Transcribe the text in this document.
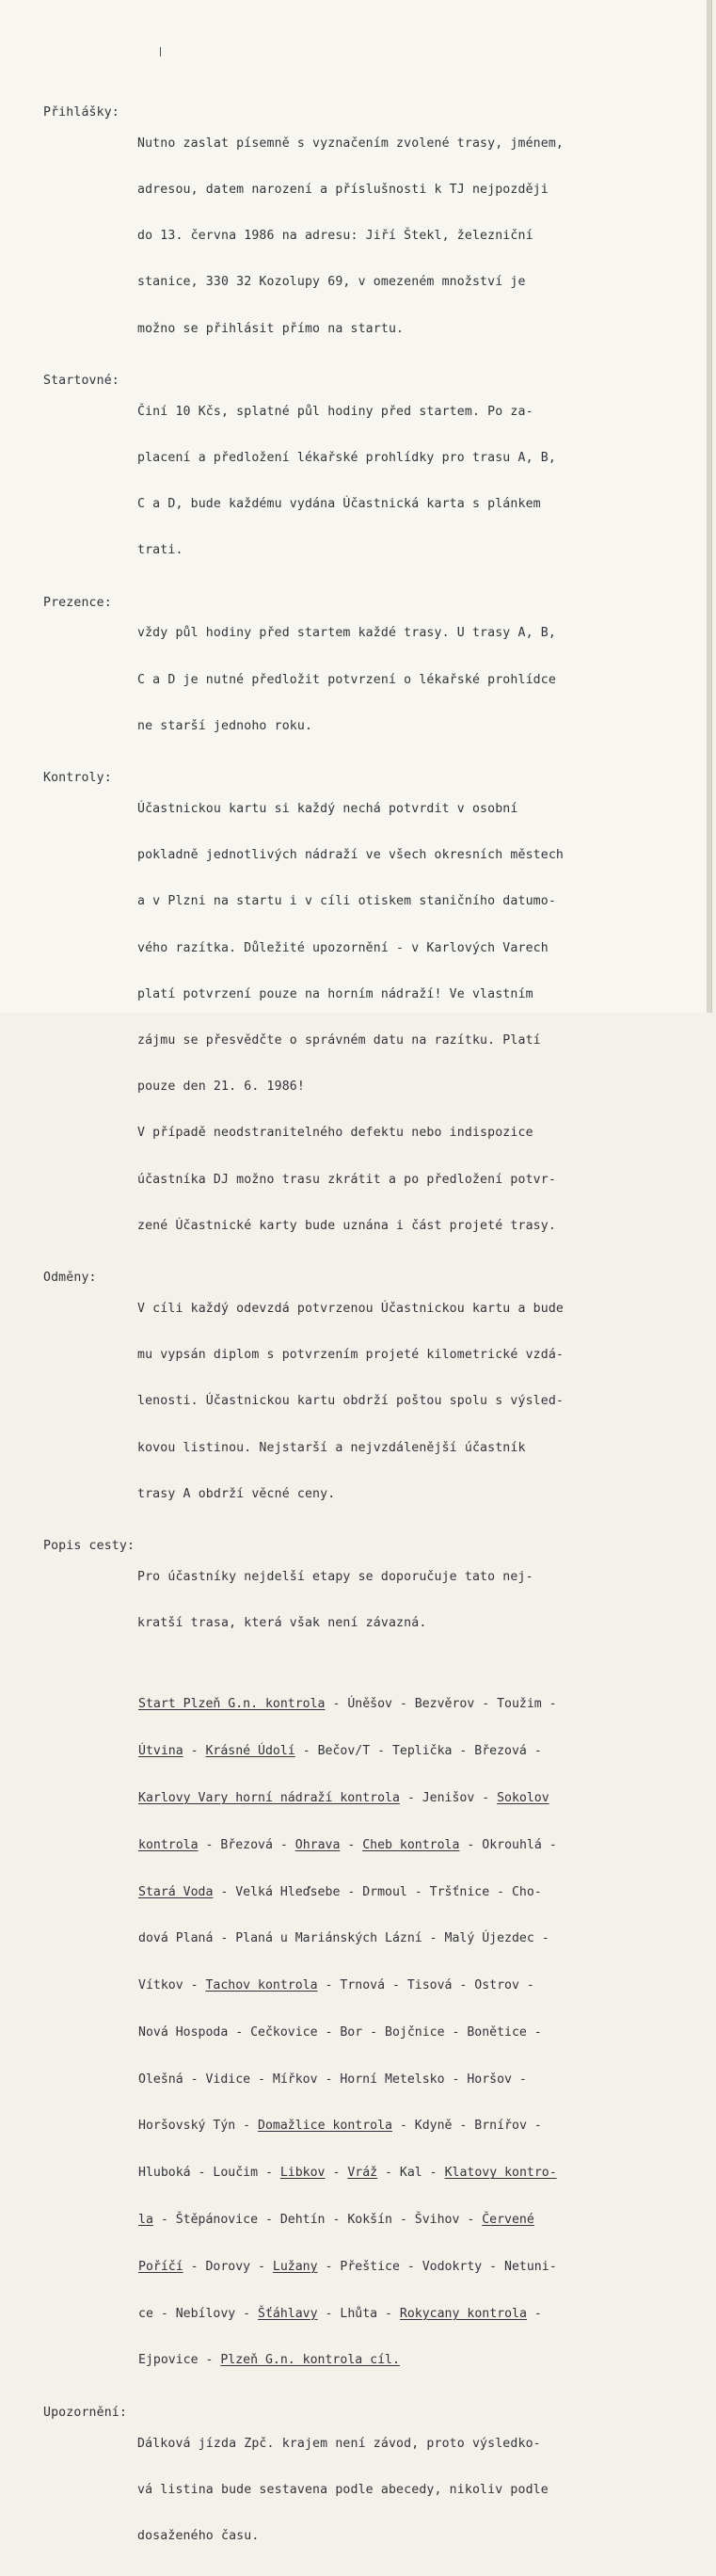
Přihlášky:

Nutno zaslat písemně s vyznačením zvolené trasy, jménem,

adresou, datem narození a příslušnosti k TJ nejpozději

do 13. června 1986 na adresu: Jiří Štekl, železniční

stanice, 330 32 Kozolupy 69, v omezeném množství je

možno se přihlásit přímo na startu.

Startovné:

Činí 10 Kčs, splatné půl hodiny před startem. Po za-

placení a předložení lékařské prohlídky pro trasu A, B,

C a D, bude každému vydána Účastnická karta s plánkem

trati.

Prezence:

vždy půl hodiny před startem každé trasy. U trasy A, B,

C a D je nutné předložit potvrzení o lékařské prohlídce

ne starší jednoho roku.

Kontroly:

Účastnickou kartu si každý nechá potvrdit v osobní

pokladně jednotlivých nádraží ve všech okresních městech

a v Plzni na startu i v cíli otiskem staničního datumo-

vého razítka. Důležité upozornění - v Karlových Varech

platí potvrzení pouze na horním nádraží! Ve vlastním

zájmu se přesvědčte o správném datu na razítku. Platí

pouze den 21. 6. 1986!

V případě neodstranitelného defektu nebo indispozice

účastníka DJ možno trasu zkrátit a po předložení potvr-

zené Účastnické karty bude uznána i část projeté trasy.

Odměny:

V cíli každý odevzdá potvrzenou Účastnickou kartu a bude

mu vypsán diplom s potvrzením projeté kilometrické vzdá-

lenosti. Účastnickou kartu obdrží poštou spolu s výsled-

kovou listinou. Nejstarší a nejvzdálenější účastník

trasy A obdrží věcné ceny.

Popis cesty:

Pro účastníky nejdelší etapy se doporučuje tato nej-

kratší trasa, která však není závazná.

Start Plzeň G.n. kontrola - Úněšov - Bezvěrov - Toužim -

Útvina - Krásné Údolí - Bečov/T - Teplička - Březová -

Karlovy Vary horní nádraží kontrola - Jenišov - Sokolov

kontrola - Březová - Ohrava - Cheb kontrola - Okrouhlá -

Stará Voda - Velká Hleďsebe - Drmoul - Tršťnice - Cho-

dová Planá - Planá u Mariánských Lázní - Malý Újezdec -

Vítkov - Tachov kontrola - Trnová - Tisová - Ostrov -

Nová Hospoda - Cečkovice - Bor - Bojčnice - Bonětice -

Olešná - Vidice - Mířkov - Horní Metelsko - Horšov -

Horšovský Týn - Domažlice kontrola - Kdyně - Brnířov -

Hluboká - Loučim - Libkov - Vráž - Kal - Klatovy kontro-

la - Štěpánovice - Dehtín - Kokšín - Švihov - Červené

Poříčí - Dorovy - Lužany - Přeštice - Vodokrty - Netuni-

ce - Nebílovy - Šťáhlavy - Lhůta - Rokycany kontrola -

Ejpovice - Plzeň G.n. kontrola cíl.

Upozornění:

Dálková jízda Zpč. krajem není závod, proto výsledko-

vá listina bude sestavena podle abecedy, nikoliv podle

dosaženého času.
